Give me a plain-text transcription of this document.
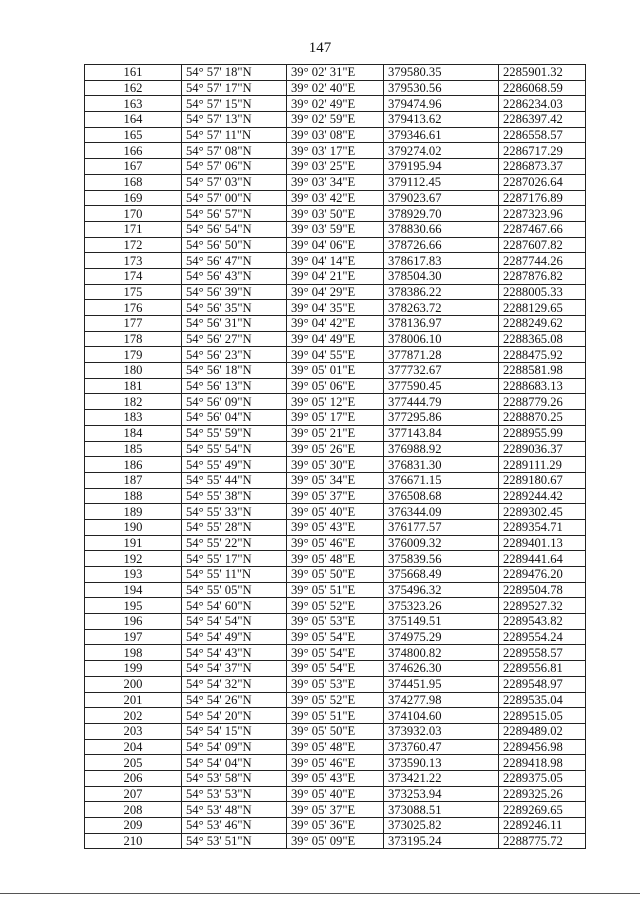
147
161	54° 57' 18"N	39° 02' 31"E	379580.35	2285901.32
162	54° 57' 17"N	39° 02' 40"E	379530.56	2286068.59
163	54° 57' 15"N	39° 02' 49"E	379474.96	2286234.03
164	54° 57' 13"N	39° 02' 59"E	379413.62	2286397.42
165	54° 57' 11"N	39° 03' 08"E	379346.61	2286558.57
166	54° 57' 08"N	39° 03' 17"E	379274.02	2286717.29
167	54° 57' 06"N	39° 03' 25"E	379195.94	2286873.37
168	54° 57' 03"N	39° 03' 34"E	379112.45	2287026.64
169	54° 57' 00"N	39° 03' 42"E	379023.67	2287176.89
170	54° 56' 57"N	39° 03' 50"E	378929.70	2287323.96
171	54° 56' 54"N	39° 03' 59"E	378830.66	2287467.66
172	54° 56' 50"N	39° 04' 06"E	378726.66	2287607.82
173	54° 56' 47"N	39° 04' 14"E	378617.83	2287744.26
174	54° 56' 43"N	39° 04' 21"E	378504.30	2287876.82
175	54° 56' 39"N	39° 04' 29"E	378386.22	2288005.33
176	54° 56' 35"N	39° 04' 35"E	378263.72	2288129.65
177	54° 56' 31"N	39° 04' 42"E	378136.97	2288249.62
178	54° 56' 27"N	39° 04' 49"E	378006.10	2288365.08
179	54° 56' 23"N	39° 04' 55"E	377871.28	2288475.92
180	54° 56' 18"N	39° 05' 01"E	377732.67	2288581.98
181	54° 56' 13"N	39° 05' 06"E	377590.45	2288683.13
182	54° 56' 09"N	39° 05' 12"E	377444.79	2288779.26
183	54° 56' 04"N	39° 05' 17"E	377295.86	2288870.25
184	54° 55' 59"N	39° 05' 21"E	377143.84	2288955.99
185	54° 55' 54"N	39° 05' 26"E	376988.92	2289036.37
186	54° 55' 49"N	39° 05' 30"E	376831.30	2289111.29
187	54° 55' 44"N	39° 05' 34"E	376671.15	2289180.67
188	54° 55' 38"N	39° 05' 37"E	376508.68	2289244.42
189	54° 55' 33"N	39° 05' 40"E	376344.09	2289302.45
190	54° 55' 28"N	39° 05' 43"E	376177.57	2289354.71
191	54° 55' 22"N	39° 05' 46"E	376009.32	2289401.13
192	54° 55' 17"N	39° 05' 48"E	375839.56	2289441.64
193	54° 55' 11"N	39° 05' 50"E	375668.49	2289476.20
194	54° 55' 05"N	39° 05' 51"E	375496.32	2289504.78
195	54° 54' 60"N	39° 05' 52"E	375323.26	2289527.32
196	54° 54' 54"N	39° 05' 53"E	375149.51	2289543.82
197	54° 54' 49"N	39° 05' 54"E	374975.29	2289554.24
198	54° 54' 43"N	39° 05' 54"E	374800.82	2289558.57
199	54° 54' 37"N	39° 05' 54"E	374626.30	2289556.81
200	54° 54' 32"N	39° 05' 53"E	374451.95	2289548.97
201	54° 54' 26"N	39° 05' 52"E	374277.98	2289535.04
202	54° 54' 20"N	39° 05' 51"E	374104.60	2289515.05
203	54° 54' 15"N	39° 05' 50"E	373932.03	2289489.02
204	54° 54' 09"N	39° 05' 48"E	373760.47	2289456.98
205	54° 54' 04"N	39° 05' 46"E	373590.13	2289418.98
206	54° 53' 58"N	39° 05' 43"E	373421.22	2289375.05
207	54° 53' 53"N	39° 05' 40"E	373253.94	2289325.26
208	54° 53' 48"N	39° 05' 37"E	373088.51	2289269.65
209	54° 53' 46"N	39° 05' 36"E	373025.82	2289246.11
210	54° 53' 51"N	39° 05' 09"E	373195.24	2288775.72
